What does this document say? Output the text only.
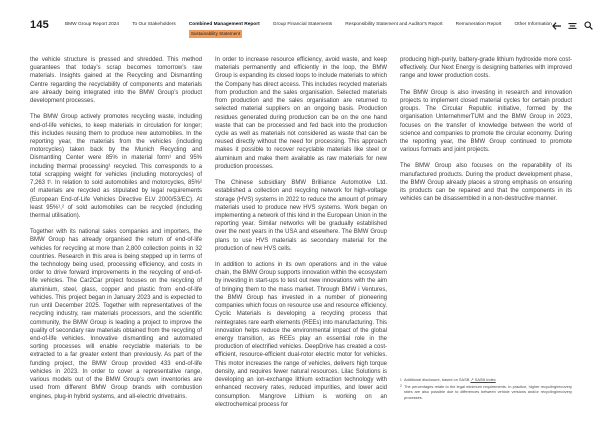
145	BMW Group Report 2024	To Our Stakeholders	Combined Management Report
Sustainability Statement
Group Financial Statements	Responsibility Statement and Auditor's Report	Remuneration Report	Other Information

the vehicle structure is pressed and shredded. This method guarantees that today’s scrap becomes tomorrow’s raw materials. Insights gained at the Recycling and Dismantling Centre regarding the recyclability of components and materials are already being integrated into the BMW Group’s product development processes.

The BMW Group actively promotes recycling waste, including end-of-life vehicles, to keep materials in circulation for longer; this includes reusing them to produce new automobiles. In the reporting year, the materials from the vehicles (including motorcycles) taken back by the Munich Recycling and Dismantling Center were 85% in material form¹ and 95% including thermal processing¹ recycled. This corresponds to a total scrapping weight for vehicles (including motorcycles) of 7,263 t¹. In relation to sold automobiles and motorcycles, 85%² of materials are recycled as stipulated by legal requirements (European End-of-Life Vehicles Directive ELV 2000/53/EC). At least 95%¹,² of sold automobiles can be recycled (including thermal utilisation).

Together with its national sales companies and importers, the BMW Group has already organised the return of end-of-life vehicles for recycling at more than 2,800 collection points in 32 countries. Research in this area is being stepped up in terms of the technology being used, processing efficiency, and costs in order to drive forward improvements in the recycling of end-of-life vehicles. The Car2Car project focuses on the recycling of aluminium, steel, glass, copper and plastic from end-of-life vehicles. This project began in January 2023 and is expected to run until December 2025. Together with representatives of the recycling industry, raw materials processors, and the scientific community, the BMW Group is leading a project to improve the quality of secondary raw materials obtained from the recycling of end-of-life vehicles. Innovative dismantling and automated sorting processes will enable recyclable materials to be extracted to a far greater extent than previously. As part of the funding project, the BMW Group provided 433 end-of-life vehicles in 2023. In order to cover a representative range, various models out of the BMW Group’s own inventories are used from different BMW Group brands with combustion engines, plug-in hybrid systems, and all-electric drivetrains.

In order to increase resource efficiency, avoid waste, and keep materials permanently and efficiently in the loop, the BMW Group is expanding its closed loops to include materials to which the Company has direct access. This includes recycled materials from production and the sales organisation. Selected materials from production and the sales organisation are returned to selected material suppliers on an ongoing basis. Production residues generated during production can be on the one hand waste that can be processed and fed back into the production cycle as well as materials not considered as waste that can be reused directly without the need for processing. This approach makes it possible to recover recyclable materials like steel or aluminium and make them available as raw materials for new production processes.

The Chinese subsidiary BMW Brilliance Automotive Ltd. established a collection and recycling network for high-voltage storage (HVS) systems in 2022 to reduce the amount of primary materials used to produce new HVS systems. Work began on implementing a network of this kind in the European Union in the reporting year. Similar networks will be gradually established over the next years in the USA and elsewhere. The BMW Group plans to use HVS materials as secondary material for the production of new HVS cells.

In addition to actions in its own operations and in the value chain, the BMW Group supports innovation within the ecosystem by investing in start-ups to test out new innovations with the aim of bringing them to the mass market. Through BMW i Ventures, the BMW Group has invested in a number of pioneering companies which focus on resource use and resource efficiency. Cyclic Materials is developing a recycling process that reintegrates rare earth elements (REEs) into manufacturing. This innovation helps reduce the environmental impact of the global energy transition, as REEs play an essential role in the production of electrified vehicles. DeepDrive has created a cost-efficient, resource-efficient dual-rotor electric motor for vehicles. This motor increases the range of vehicles, delivers high torque density, and requires fewer natural resources. Lilac Solutions is developing an ion-exchange lithium extraction technology with enhanced recovery rates, reduced impurities, and lower acid consumption. Mangrove Lithium is working on an electrochemical process for

producing high-purity, battery-grade lithium hydroxide more cost-effectively. Our Next Energy is designing batteries with improved range and lower production costs.

The BMW Group is also investing in research and innovation projects to implement closed material cycles for certain product groups. The Circular Republic initiative, formed by the organisation UnternehmerTUM and the BMW Group in 2023, focuses on the transfer of knowledge between the world of science and companies to promote the circular economy. During the reporting year, the BMW Group continued to promote various formats and joint projects.

The BMW Group also focuses on the reparability of its manufactured products. During the product development phase, the BMW Group already places a strong emphasis on ensuring its products can be repaired and that the components in its vehicles can be disassembled in a non-destructive manner.

1 Additional disclosure, based on SASB ↗ SASB Index
2 The percentages relate to the legal minimum requirements. In practice, higher recycling/recovery rates are also possible due to differences between vehicle versions and/or recycling/recovery processes.
